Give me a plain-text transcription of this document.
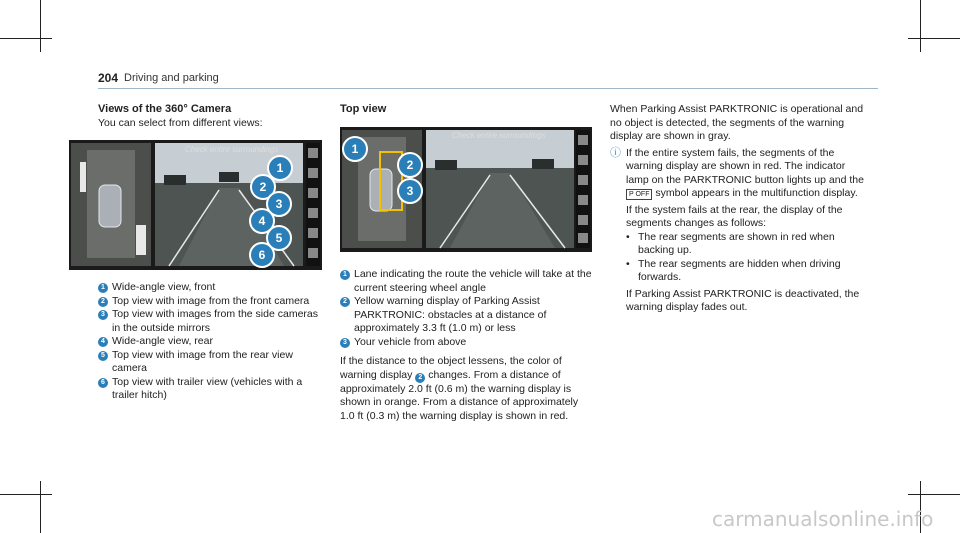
204 Driving and parking

Views of the 360° Camera

You can select from different views:

Check entire surroundings
1
2
3
4
5
6

1 Wide-angle view, front

2 Top view with image from the front camera

3 Top view with images from the side cameras in the outside mirrors

4 Wide-angle view, rear

5 Top view with image from the rear view camera

6 Top view with trailer view (vehicles with a trailer hitch)

Top view

Check entire surroundings
1
2
3

1 Lane indicating the route the vehicle will take at the current steering wheel angle

2 Yellow warning display of Parking Assist PARKTRONIC: obstacles at a distance of approximately 3.3 ft (1.0 m) or less

3 Your vehicle from above

If the distance to the object lessens, the color of warning display 2 changes. From a distance of approximately 2.0 ft (0.6 m) the warning display is shown in orange. From a distance of approximately 1.0 ft (0.3 m) the warning display is shown in red.

When Parking Assist PARKTRONIC is operational and no object is detected, the segments of the warning display are shown in gray.

ⓘ If the entire system fails, the segments of the warning display are shown in red. The indicator lamp on the PARKTRONIC button lights up and the P OFF symbol appears in the multifunction display.

If the system fails at the rear, the display of the segments changes as follows:

• The rear segments are shown in red when backing up.

• The rear segments are hidden when driving forwards.

If Parking Assist PARKTRONIC is deactivated, the warning display fades out.

carmanualsonline.info
